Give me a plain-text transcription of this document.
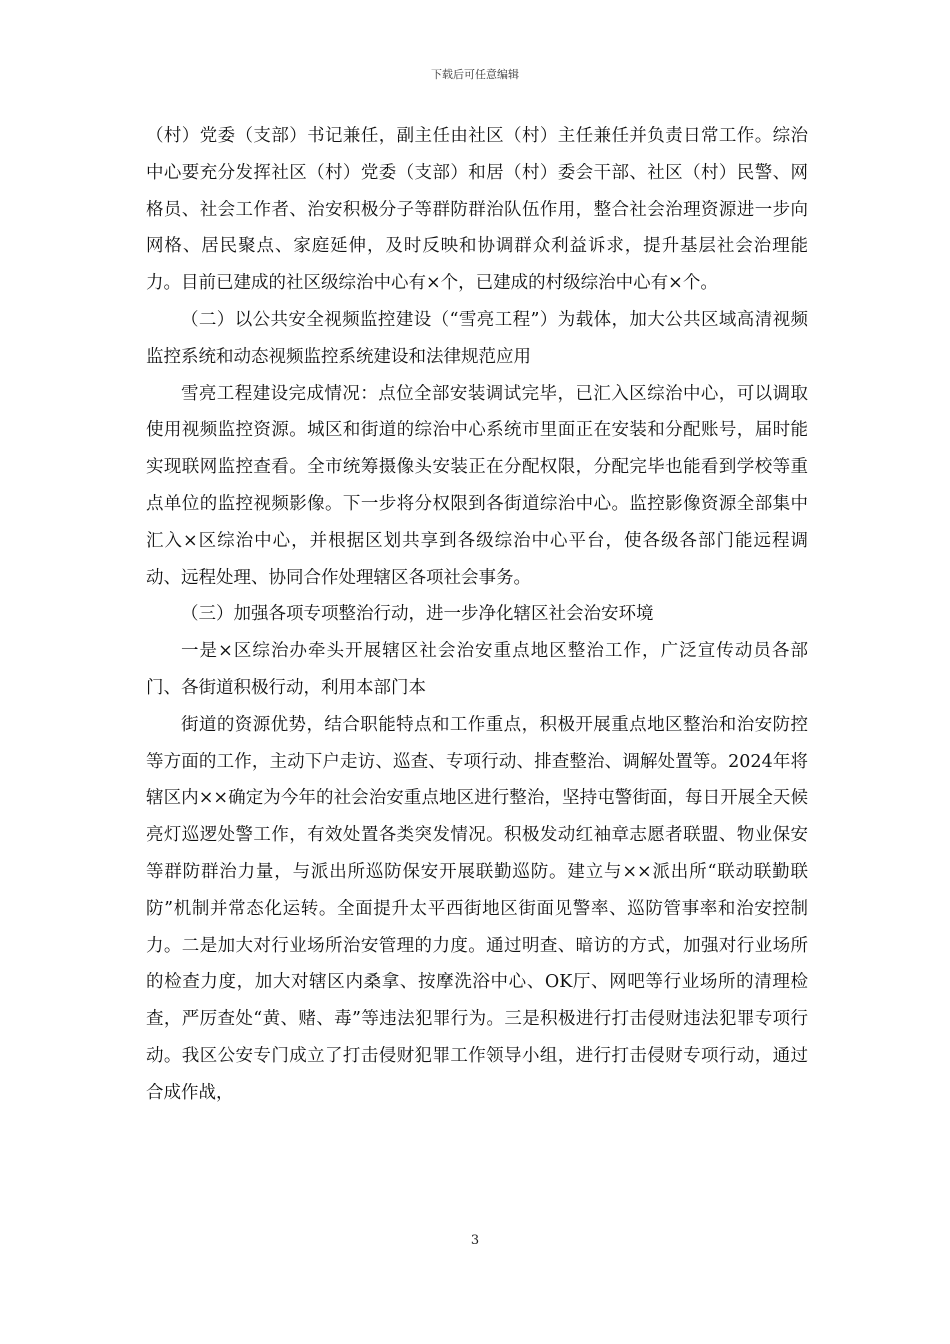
下载后可任意编辑

（村）党委（支部）书记兼任，副主任由社区（村）主任兼任并负责日常工作。综治中心要充分发挥社区（村）党委（支部）和居（村）委会干部、社区（村）民警、网格员、社会工作者、治安积极分子等群防群治队伍作用，整合社会治理资源进一步向网格、居民聚点、家庭延伸，及时反映和协调群众利益诉求，提升基层社会治理能力。目前已建成的社区级综治中心有×个，已建成的村级综治中心有×个。

（二）以公共安全视频监控建设（“雪亮工程”）为载体，加大公共区域高清视频监控系统和动态视频监控系统建设和法律规范应用

雪亮工程建设完成情况：点位全部安装调试完毕，已汇入区综治中心，可以调取使用视频监控资源。城区和街道的综治中心系统市里面正在安装和分配账号，届时能实现联网监控查看。全市统筹摄像头安装正在分配权限，分配完毕也能看到学校等重点单位的监控视频影像。下一步将分权限到各街道综治中心。监控影像资源全部集中汇入×区综治中心，并根据区划共享到各级综治中心平台，使各级各部门能远程调动、远程处理、协同合作处理辖区各项社会事务。

（三）加强各项专项整治行动，进一步净化辖区社会治安环境

一是×区综治办牵头开展辖区社会治安重点地区整治工作，广泛宣传动员各部门、各街道积极行动，利用本部门本

街道的资源优势，结合职能特点和工作重点，积极开展重点地区整治和治安防控等方面的工作，主动下户走访、巡查、专项行动、排查整治、调解处置等。2024年将辖区内××确定为今年的社会治安重点地区进行整治，坚持屯警街面，每日开展全天候亮灯巡逻处警工作，有效处置各类突发情况。积极发动红袖章志愿者联盟、物业保安等群防群治力量，与派出所巡防保安开展联勤巡防。建立与××派出所“联动联勤联防”机制并常态化运转。全面提升太平西街地区街面见警率、巡防管事率和治安控制力。二是加大对行业场所治安管理的力度。通过明查、暗访的方式，加强对行业场所的检查力度，加大对辖区内桑拿、按摩洗浴中心、OK厅、网吧等行业场所的清理检查，严厉查处“黄、赌、毒”等违法犯罪行为。三是积极进行打击侵财违法犯罪专项行动。我区公安专门成立了打击侵财犯罪工作领导小组，进行打击侵财专项行动，通过合成作战，

3
